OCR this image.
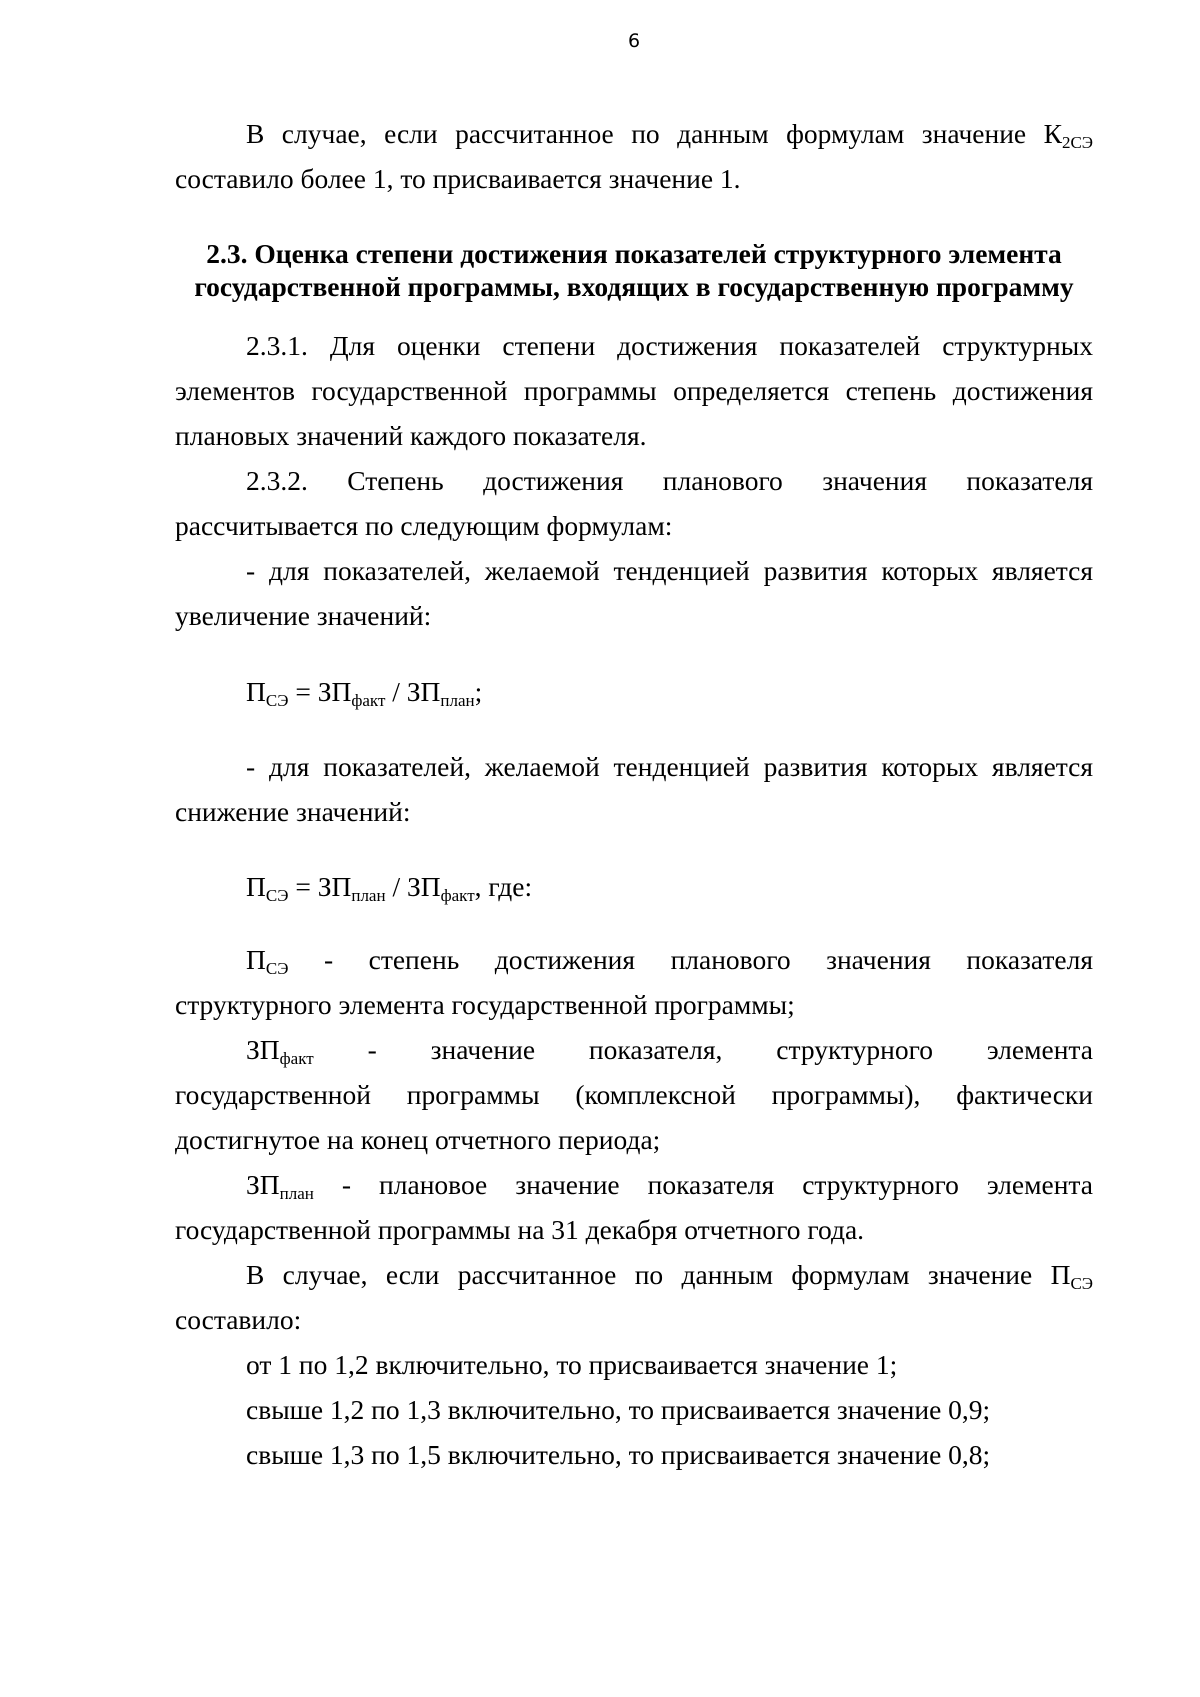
6
В случае, если рассчитанное по данным формулам значение $К_{2СЭ}$
составило более 1, то присваивается значение 1.
2.3. Оценка степени достижения показателей структурного элемента
государственной программы, входящих в государственную программу
2.3.1. Для оценки степени достижения показателей структурных
элементов государственной программы определяется степень достижения
плановых значений каждого показателя.
2.3.2. Степень достижения планового значения показателя
рассчитывается по следующим формулам:
- для показателей, желаемой тенденцией развития которых является
увеличение значений:
$П_{СЭ} = ЗП_{факт} / ЗП_{план}$;
- для показателей, желаемой тенденцией развития которых является
снижение значений:
$П_{СЭ} = ЗП_{план} / ЗП_{факт}$, где:
$П_{СЭ}$ - степень достижения планового значения показателя
структурного элемента государственной программы;
$ЗП_{факт}$ - значение показателя, структурного элемента
государственной программы (комплексной программы), фактически
достигнутое на конец отчетного периода;
$ЗП_{план}$ - плановое значение показателя структурного элемента
государственной программы на 31 декабря отчетного года.
В случае, если рассчитанное по данным формулам значение $П_{СЭ}$
составило:
от 1 по 1,2 включительно, то присваивается значение 1;
свыше 1,2 по 1,3 включительно, то присваивается значение 0,9;
свыше 1,3 по 1,5 включительно, то присваивается значение 0,8;
